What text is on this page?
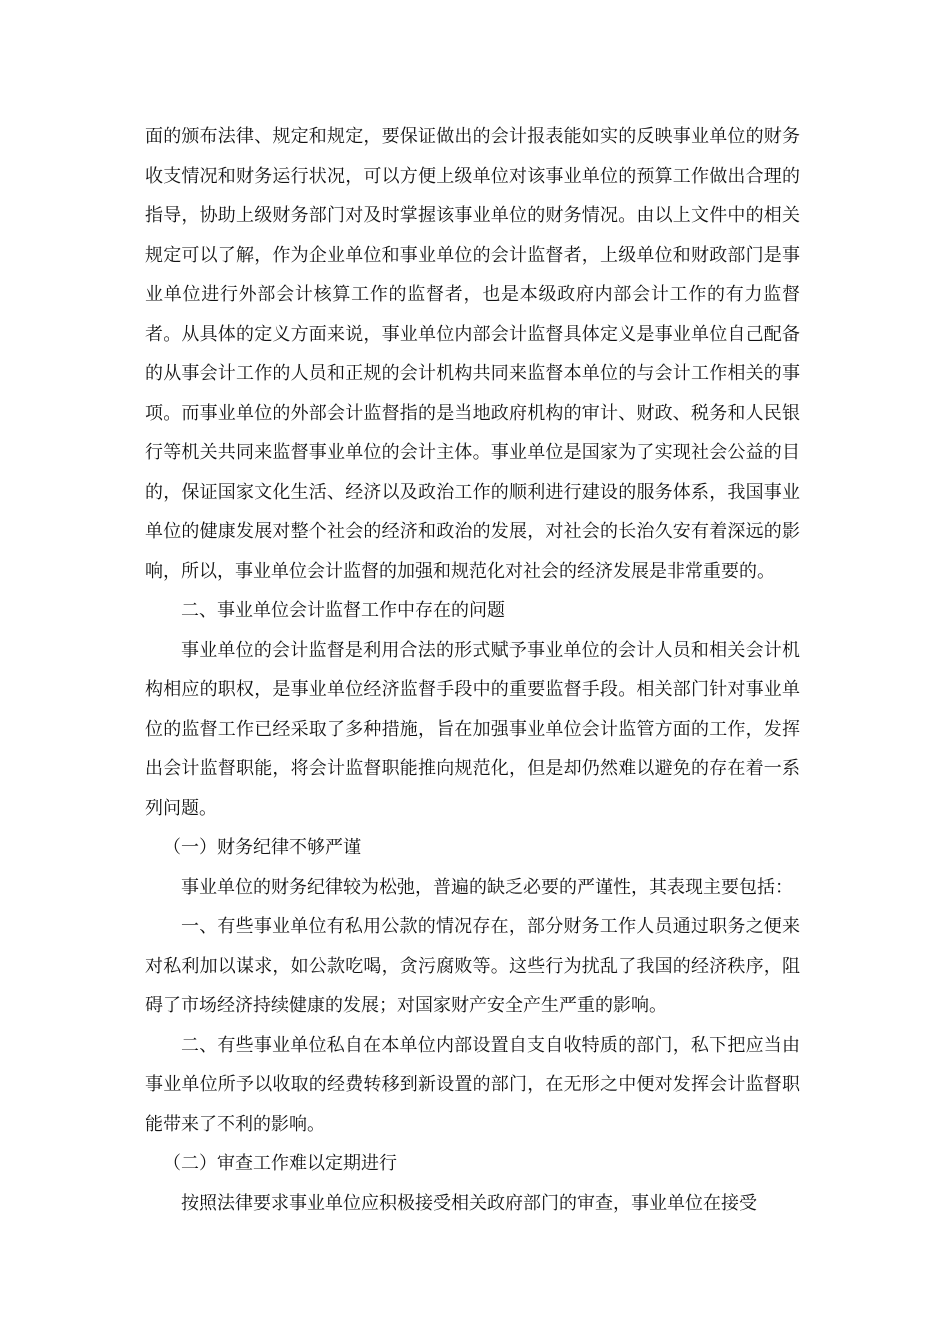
面的颁布法律、规定和规定，要保证做出的会计报表能如实的反映事业单位的财务收支情况和财务运行状况，可以方便上级单位对该事业单位的预算工作做出合理的指导，协助上级财务部门对及时掌握该事业单位的财务情况。由以上文件中的相关规定可以了解，作为企业单位和事业单位的会计监督者，上级单位和财政部门是事业单位进行外部会计核算工作的监督者，也是本级政府内部会计工作的有力监督者。从具体的定义方面来说，事业单位内部会计监督具体定义是事业单位自己配备的从事会计工作的人员和正规的会计机构共同来监督本单位的与会计工作相关的事项。而事业单位的外部会计监督指的是当地政府机构的审计、财政、税务和人民银行等机关共同来监督事业单位的会计主体。事业单位是国家为了实现社会公益的目的，保证国家文化生活、经济以及政治工作的顺利进行建设的服务体系，我国事业单位的健康发展对整个社会的经济和政治的发展，对社会的长治久安有着深远的影响，所以，事业单位会计监督的加强和规范化对社会的经济发展是非常重要的。

二、事业单位会计监督工作中存在的问题

事业单位的会计监督是利用合法的形式赋予事业单位的会计人员和相关会计机构相应的职权，是事业单位经济监督手段中的重要监督手段。相关部门针对事业单位的监督工作已经采取了多种措施，旨在加强事业单位会计监管方面的工作，发挥出会计监督职能，将会计监督职能推向规范化，但是却仍然难以避免的存在着一系列问题。

（一）财务纪律不够严谨

事业单位的财务纪律较为松弛，普遍的缺乏必要的严谨性，其表现主要包括：

一、有些事业单位有私用公款的情况存在，部分财务工作人员通过职务之便来对私利加以谋求，如公款吃喝，贪污腐败等。这些行为扰乱了我国的经济秩序，阻碍了市场经济持续健康的发展；对国家财产安全产生严重的影响。

二、有些事业单位私自在本单位内部设置自支自收特质的部门，私下把应当由事业单位所予以收取的经费转移到新设置的部门，在无形之中便对发挥会计监督职能带来了不利的影响。

（二）审查工作难以定期进行

按照法律要求事业单位应积极接受相关政府部门的审查，事业单位在接受
